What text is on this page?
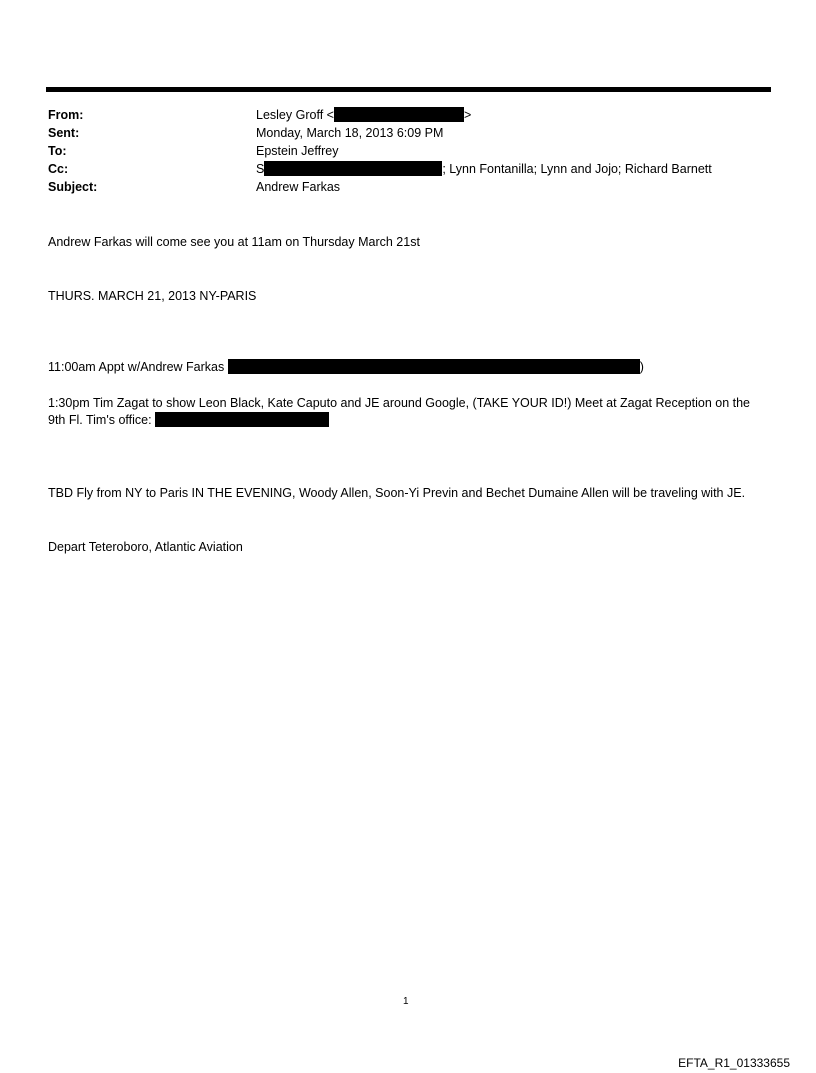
From:	Lesley Groff <	>
Sent:	Monday, March 18, 2013 6:09 PM
To:	Epstein Jeffrey
Cc:	S	; Lynn Fontanilla; Lynn and Jojo; Richard Barnett
Subject:	Andrew Farkas
Andrew Farkas will come see you at 11am on Thursday March 21st
THURS. MARCH 21, 2013 NY-PARIS
11:00am Appt w/Andrew Farkas	)
1:30pm Tim Zagat to show Leon Black, Kate Caputo and JE around Google, (TAKE YOUR ID!) Meet at Zagat Reception on the 9th Fl. Tim's office:
TBD Fly from NY to Paris IN THE EVENING, Woody Allen, Soon-Yi Previn and Bechet Dumaine Allen will be traveling with JE.
Depart Teteroboro, Atlantic Aviation
1
EFTA_R1_01333655
